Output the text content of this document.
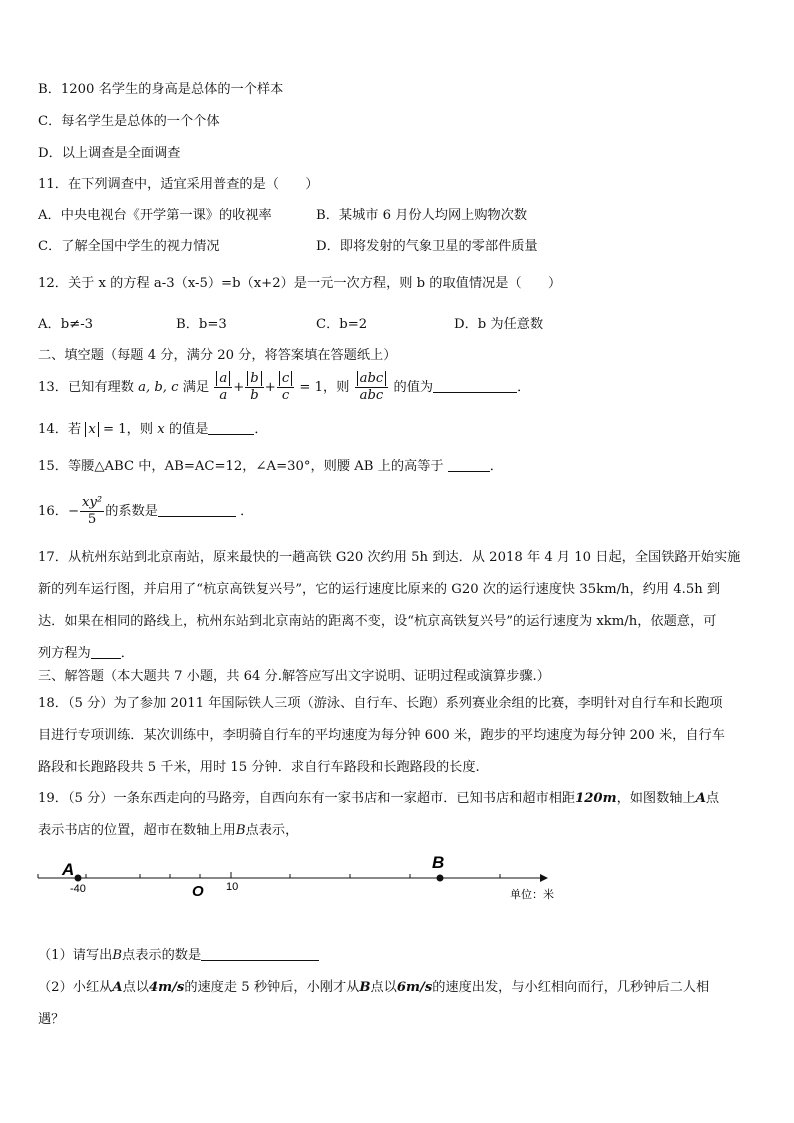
B．1200 名学生的身高是总体的一个样本
C．每名学生是总体的一个个体
D．以上调查是全面调查
11．在下列调查中，适宜采用普查的是（　　）
A．中央电视台《开学第一课》的收视率	B．某城市 6 月份人均网上购物次数
C．了解全国中学生的视力情况	D．即将发射的气象卫星的零部件质量
12．关于 x 的方程 a-3（x-5）=b（x+2）是一元一次方程，则 b 的取值情况是（　　）
A．b≠-3	B．b=3	C．b=2	D．b 为任意数
二、填空题（每题 4 分，满分 20 分，将答案填在答题纸上）
13．已知有理数 a, b, c 满足 $\frac{a}{a} + \frac{b}{b} + \frac{c}{c} = 1$，则 $\frac{\text{abc}}{\text{abc}}$ 的值为	．
14．若 x = 1，则 x 的值是	．
15．等腰△ABC 中，AB=AC=12，∠A=30°，则腰 AB 上的高等于	．
16．− $\frac{\text{xy²}}{5}$ 的系数是	．
17．从杭州东站到北京南站，原来最快的一趟高铁 G20 次约用 5h 到达．从 2018 年 4 月 10 日起，全国铁路开始实施
新的列车运行图，并启用了“杭京高铁复兴号”，它的运行速度比原来的 G20 次的运行速度快 35km/h，约用 4.5h 到
达．如果在相同的路线上，杭州东站到北京南站的距离不变，设“杭京高铁复兴号”的运行速度为 xkm/h，依题意，可
列方程为 ．
三、解答题（本大题共 7 小题，共 64 分.解答应写出文字说明、证明过程或演算步骤.）
18．（5 分）为了参加 2011 年国际铁人三项（游泳、自行车、长跑）系列赛业余组的比赛，李明针对自行车和长跑项
目进行专项训练．某次训练中，李明骑自行车的平均速度为每分钟 600 米，跑步的平均速度为每分钟 200 米，自行车
路段和长跑路段共 5 千米，用时 15 分钟．求自行车路段和长跑路段的长度.
19．（5 分）一条东西走向的马路旁，自西向东有一家书店和一家超市．已知书店和超市相距120m，如图数轴上A点
表示书店的位置，超市在数轴上用B点表示，
A	B
O
-40	10
单位：米
（1）请写出B点表示的数是
（2）小红从A点以4m/s的速度走 5 秒钟后，小刚才从B点以6m/s的速度出发，与小红相向而行，几秒钟后二人相
遇？
